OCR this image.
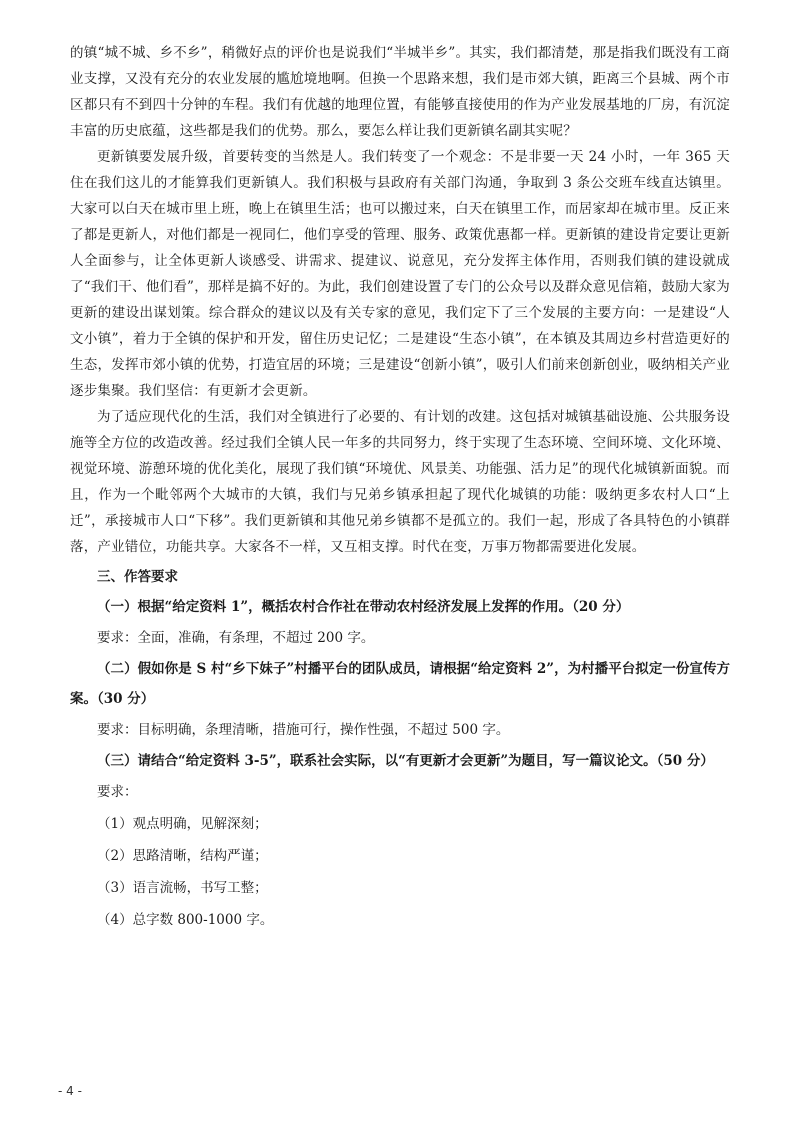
的镇“城不城、乡不乡”，稍微好点的评价也是说我们“半城半乡”。其实，我们都清楚，那是指我们既没有工商业支撑，又没有充分的农业发展的尴尬境地啊。但换一个思路来想，我们是市郊大镇，距离三个县城、两个市区都只有不到四十分钟的车程。我们有优越的地理位置，有能够直接使用的作为产业发展基地的厂房，有沉淀丰富的历史底蕴，这些都是我们的优势。那么，要怎么样让我们更新镇名副其实呢？

更新镇要发展升级，首要转变的当然是人。我们转变了一个观念：不是非要一天 24 小时，一年 365 天住在我们这儿的才能算我们更新镇人。我们积极与县政府有关部门沟通，争取到 3 条公交班车线直达镇里。大家可以白天在城市里上班，晚上在镇里生活；也可以搬过来，白天在镇里工作，而居家却在城市里。反正来了都是更新人，对他们都是一视同仁，他们享受的管理、服务、政策优惠都一样。更新镇的建设肯定要让更新人全面参与，让全体更新人谈感受、讲需求、提建议、说意见，充分发挥主体作用，否则我们镇的建设就成了“我们干、他们看”，那样是搞不好的。为此，我们创建设置了专门的公众号以及群众意见信箱，鼓励大家为更新的建设出谋划策。综合群众的建议以及有关专家的意见，我们定下了三个发展的主要方向：一是建设“人文小镇”，着力于全镇的保护和开发，留住历史记忆；二是建设“生态小镇”，在本镇及其周边乡村营造更好的生态，发挥市郊小镇的优势，打造宜居的环境；三是建设“创新小镇”，吸引人们前来创新创业，吸纳相关产业逐步集聚。我们坚信：有更新才会更新。

为了适应现代化的生活，我们对全镇进行了必要的、有计划的改建。这包括对城镇基础设施、公共服务设施等全方位的改造改善。经过我们全镇人民一年多的共同努力，终于实现了生态环境、空间环境、文化环境、视觉环境、游憩环境的优化美化，展现了我们镇“环境优、风景美、功能强、活力足”的现代化城镇新面貌。而且，作为一个毗邻两个大城市的大镇，我们与兄弟乡镇承担起了现代化城镇的功能：吸纳更多农村人口“上迁”，承接城市人口“下移”。我们更新镇和其他兄弟乡镇都不是孤立的。我们一起，形成了各具特色的小镇群落，产业错位，功能共享。大家各不一样，又互相支撑。时代在变，万事万物都需要进化发展。

三、作答要求

（一）根据“给定资料 1”，概括农村合作社在带动农村经济发展上发挥的作用。（20 分）

要求：全面，准确，有条理，不超过 200 字。

（二）假如你是 S 村“乡下妹子”村播平台的团队成员，请根据“给定资料 2”，为村播平台拟定一份宣传方案。（30 分）

要求：目标明确，条理清晰，措施可行，操作性强，不超过 500 字。

（三）请结合“给定资料 3-5”，联系社会实际，以“有更新才会更新”为题目，写一篇议论文。（50 分）

要求：

（1）观点明确，见解深刻；
（2）思路清晰，结构严谨；
（3）语言流畅，书写工整；
（4）总字数 800-1000 字。
- 4 -
